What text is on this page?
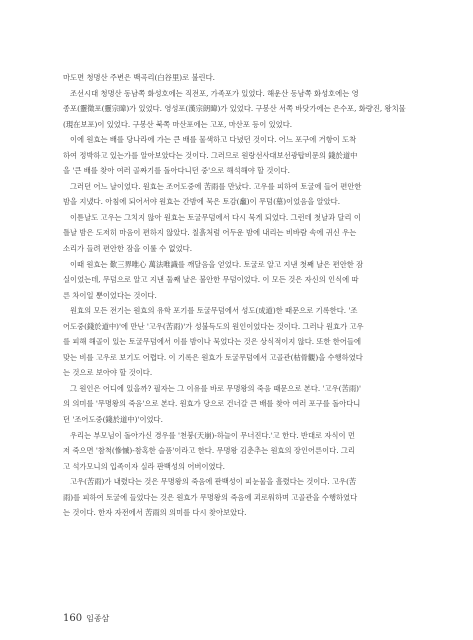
마도면 청명산 주변은 백곡리(白谷里)로 불린다.

조선시대 청명산 동남쪽 화성호에는 직전포, 가족포가 있었다. 해운산 동남쪽 화성호에는 영
종포(靈徵포(靈宗暐)가 있었다. 영성포(漢宗朗暐)가 있었다. 구봉산 서쪽 바닷가에는 은수포, 화량진, 왕치물
(現在보포)이 있었다. 구봉산 북쪽 마산포에는 고포, 마산포 등이 있었다.

이에 원효는 배를 당나라에 가는 큰 배를 물색하고 다녔던 것이다. 어느 포구에 거항이 도착
하여 정박하고 있는가를 알아보았다는 것이다. 그러므로 원랑선사대보선광탑비문의 錢於道中
을 '큰 배를 찾아 여러 골짜기를 돌아다니던 중'으로 해석해야 할 것이다.

그러던 어느 날이었다. 원효는 조어도중에 苦雨를 만났다. 고우를 피하여 토굴에 들어 편안한
밤을 지냈다. 아침에 되어서야 원효는 간밤에 묵은 토감(龕)이 무덤(墓)이었음을 알았다.

이튿날도 고우는 그치지 않아 원효는 토굴무덤에서 다시 묵게 되었다. 그런데 첫날과 달리 이
틀날 밤은 도저히 마음이 편하지 않았다. 칠흙처럼 어두운 밤에 내리는 비바람 속에 귀신 우는
소리가 들려 편안한 잠을 이룰 수 없었다.

이때 원효는 歎三界唯心 萬法唯識를 깨달음을 얻었다. 토굴로 알고 지낸 첫째 날은 편안한 잠
실이었는데, 무덤으로 알고 지낸 둘째 날은 불안한 무덤이었다. 이 모든 것은 자신의 인식에 따
른 차이일 뿐이었다는 것이다.

원효의 모든 전기는 원효의 유학 포기를 토굴무덤에서 성도(成道)한 때문으로 기록한다. '조
어도중(錢於道中)'에 만난 '고우(苦雨)'가 성불득도의 원인이었다는 것이다. 그러나 원효가 고우
를 피해 해골이 있는 토굴무덤에서 이를 밤이나 묵었다는 것은 상식적이지 않다. 또한 한어들에
맞는 비를 고우로 보기도 어렵다. 이 기록은 원효가 토굴무덤에서 고골관(枯骨觀)을 수행하였다
는 것으로 보아야 할 것이다.

그 원인은 어디에 있을까? 필자는 그 이유를 바로 무명왕의 죽음 때문으로 본다. '고우(苦雨)'
의 의미를 '무명왕의 죽음'으로 본다. 원효가 당으로 건너갈 큰 배를 찾아 여러 포구를 돌아다니
던 '조어도중(錢於道中)'이었다.

우리는 부모님이 돌아가신 경우를 '천붕(天崩)-하늘이 무너진다.'고 한다. 반대로 자식이 먼
저 죽으면 '참척(慘慽)-참혹한 슬픔'이라고 한다. 무명왕 김춘추는 원효의 장인어른이다. 그리
고 석가모니의 입족이자 실라 판백성의 어버이였다.

고우(苦雨)가 내렸다는 것은 무명왕의 죽음에 판백성이 피눈물을 흘렸다는 것이다. 고우(苦
雨)를 피하여 토굴에 들었다는 것은 원효가 무명왕의 죽음에 괴로워하며 고골관을 수행하였다
는 것이다. 한자 자전에서 苦雨의 의미를 다시 찾아보았다.

160 임종삼
